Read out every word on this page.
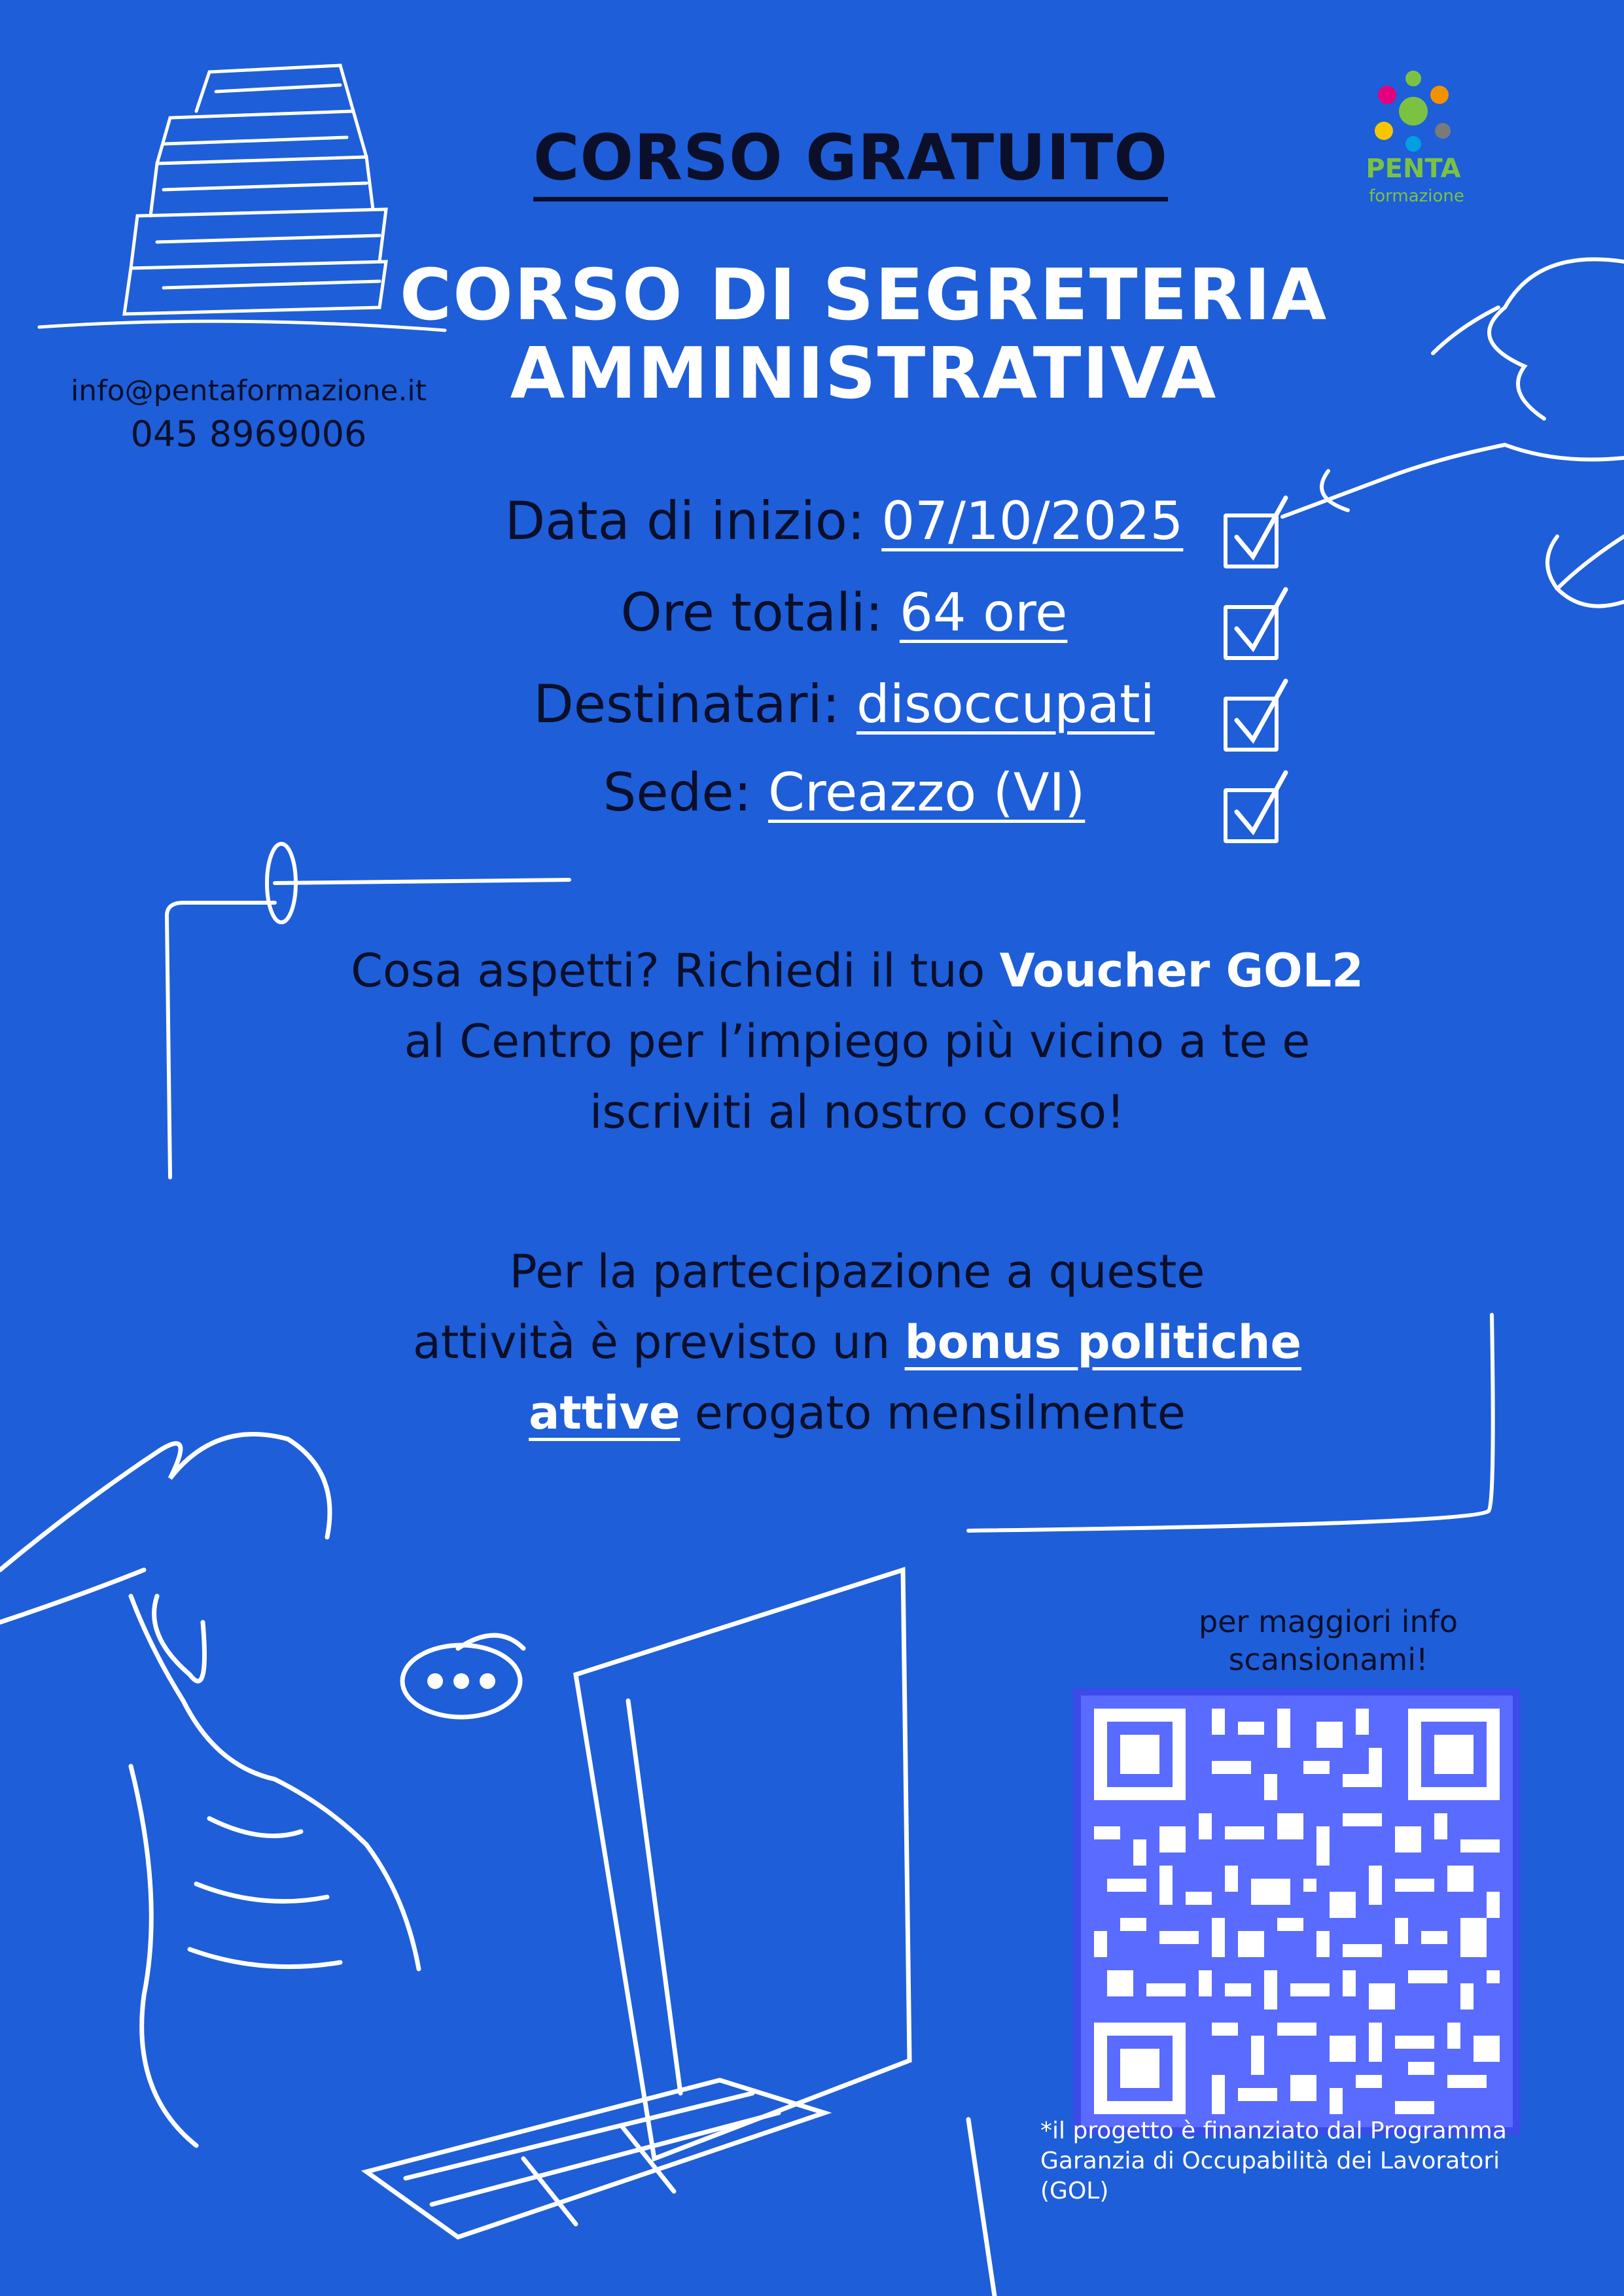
PENTA
formazione
CORSO GRATUITO
CORSO DI SEGRETERIA
AMMINISTRATIVA
info@pentaformazione.it
045 8969006
Data di inizio: 07/10/2025
Ore totali: 64 ore
Destinatari: disoccupati
Sede: Creazzo (VI)
Cosa aspetti? Richiedi il tuo Voucher GOL2
al Centro per l’impiego più vicino a te e
iscriviti al nostro corso!
Per la partecipazione a queste
attività è previsto un bonus politiche
attive erogato mensilmente
per maggiori info
scansionami!
*il progetto è finanziato dal Programma
Garanzia di Occupabilità dei Lavoratori
(GOL)
